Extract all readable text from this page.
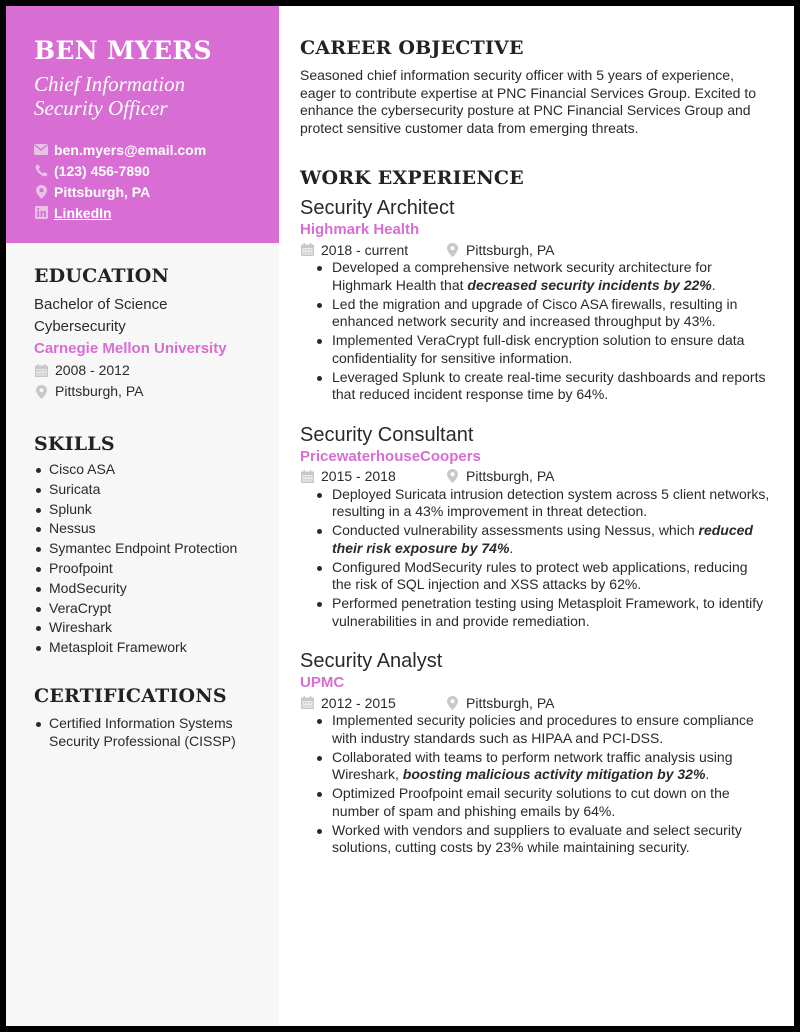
BEN MYERS
Chief Information Security Officer
ben.myers@email.com
(123) 456-7890
Pittsburgh, PA
LinkedIn
EDUCATION
Bachelor of Science
Cybersecurity
Carnegie Mellon University
2008 - 2012
Pittsburgh, PA
SKILLS
Cisco ASA
Suricata
Splunk
Nessus
Symantec Endpoint Protection
Proofpoint
ModSecurity
VeraCrypt
Wireshark
Metasploit Framework
CERTIFICATIONS
Certified Information Systems Security Professional (CISSP)
CAREER OBJECTIVE
Seasoned chief information security officer with 5 years of experience, eager to contribute expertise at PNC Financial Services Group. Excited to enhance the cybersecurity posture at PNC Financial Services Group and protect sensitive customer data from emerging threats.
WORK EXPERIENCE
Security Architect
Highmark Health
2018 - current	Pittsburgh, PA
Developed a comprehensive network security architecture for Highmark Health that decreased security incidents by 22%.
Led the migration and upgrade of Cisco ASA firewalls, resulting in enhanced network security and increased throughput by 43%.
Implemented VeraCrypt full-disk encryption solution to ensure data confidentiality for sensitive information.
Leveraged Splunk to create real-time security dashboards and reports that reduced incident response time by 64%.
Security Consultant
PricewaterhouseCoopers
2015 - 2018	Pittsburgh, PA
Deployed Suricata intrusion detection system across 5 client networks, resulting in a 43% improvement in threat detection.
Conducted vulnerability assessments using Nessus, which reduced their risk exposure by 74%.
Configured ModSecurity rules to protect web applications, reducing the risk of SQL injection and XSS attacks by 62%.
Performed penetration testing using Metasploit Framework, to identify vulnerabilities in and provide remediation.
Security Analyst
UPMC
2012 - 2015	Pittsburgh, PA
Implemented security policies and procedures to ensure compliance with industry standards such as HIPAA and PCI-DSS.
Collaborated with teams to perform network traffic analysis using Wireshark, boosting malicious activity mitigation by 32%.
Optimized Proofpoint email security solutions to cut down on the number of spam and phishing emails by 64%.
Worked with vendors and suppliers to evaluate and select security solutions, cutting costs by 23% while maintaining security.
